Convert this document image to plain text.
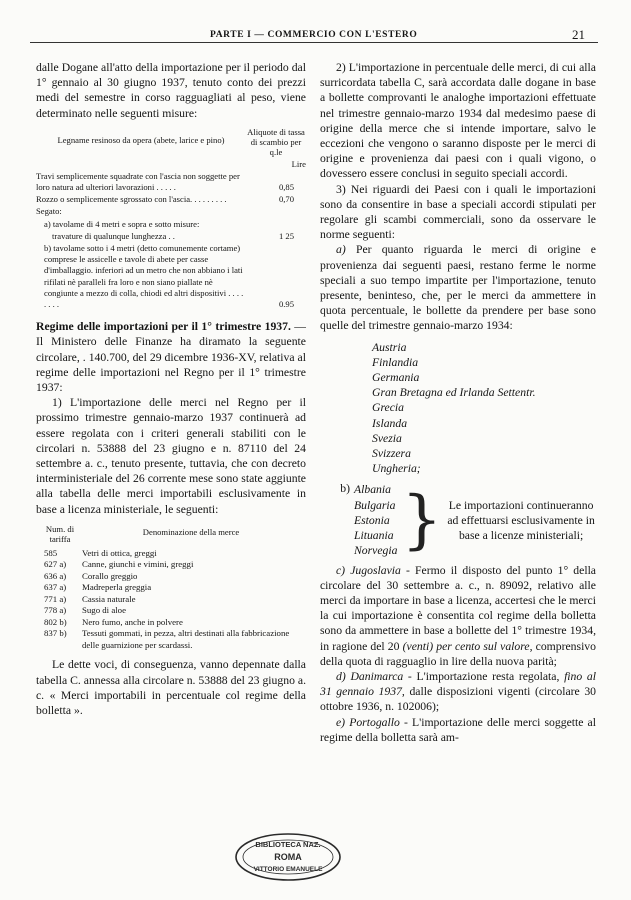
PARTE I — COMMERCIO CON L'ESTERO	21

dalle Dogane all'atto della importazione per il periodo dal 1° gennaio al 30 giugno 1937, tenuto conto dei prezzi medi del semestre in corso ragguagliati al peso, viene determinato nelle seguenti misure:

Legname resinoso da opera (abete, larice e pino)
Aliquote di tassa di scambio per q.le
Lire
Travi semplicemente squadrate con l'ascia non soggette per loro natura ad ulteriori lavorazioni . . . . .	0,85
Rozzo o semplicemente sgrossato con l'ascia. . . . . . . . .	0,70
Segato:
a) tavolame di 4 metri e sopra e sotto misure:
travature di qualunque lunghezza . .	1 25
b) tavolame sotto i 4 metri (detto comunemente cortame) comprese le assicelle e tavole di abete per casse d'imballaggio. inferiori ad un metro che non abbiano i lati rifilati nè paralleli fra loro e non siano piallate nè congiunte a mezzo di colla, chiodi ed altri dispositivi . . . . . . . .	0.95

Regime delle importazioni per il 1° trimestre 1937. — Il Ministero delle Finanze ha diramato la seguente circolare, . 140.700, del 29 dicembre 1936-XV, relativa al regime delle importazioni nel Regno per il 1° trimestre 1937:

1) L'importazione delle merci nel Regno per il prossimo trimestre gennaio-marzo 1937 continuerà ad essere regolata con i criteri generali stabiliti con le circolari n. 53888 del 23 giugno e n. 87110 del 24 settembre a. c., tenuto presente, tuttavia, che con decreto interministeriale del 26 corrente mese sono state aggiunte alla tabella delle merci importabili esclusivamente in base a licenza ministeriale, le seguenti:

Num. di tariffa
Denominazione della merce
585	Vetri di ottica, greggi
627 a)	Canne, giunchi e vimini, greggi
636 a)	Corallo greggio
637 a)	Madreperla greggia
771 a)	Cassia naturale
778 a)	Sugo di aloe
802 b)	Nero fumo, anche in polvere
837 b)	Tessuti gommati, in pezza, altri destinati alla fabbricazione delle guarnizione per scardassi.

Le dette voci, di conseguenza, vanno depennate dalla tabella C. annessa alla circolare n. 53888 del 23 giugno a. c. « Merci importabili in percentuale col regime della bolletta ».

2) L'importazione in percentuale delle merci, di cui alla surricordata tabella C, sarà accordata dalle dogane in base a bollette comprovanti le analoghe importazioni effettuate nel trimestre gennaio-marzo 1934 dal medesimo paese di origine della merce che si intende importare, salvo le eccezioni che vengono o saranno disposte per le merci di origine e provenienza dai paesi con i quali vigono, o dovessero essere conclusi in seguito speciali accordi.

3) Nei riguardi dei Paesi con i quali le importazioni sono da consentire in base a speciali accordi stipulati per regolare gli scambi commerciali, sono da osservare le norme seguenti:

a) Per quanto riguarda le merci di origine e provenienza dai seguenti paesi, restano ferme le norme speciali a suo tempo impartite per l'importazione, tenuto presente, beninteso, che, per le merci da ammettere in quota percentuale, le bollette da prendere per base sono quelle del trimestre gennaio-marzo 1934:

Austria
Finlandia
Germania
Gran Bretagna ed Irlanda Settentr.
Grecia
Islanda
Svezia
Svizzera
Ungheria;
b) Albania
Bulgaria
Estonia
Lituania
Norvegia } Le importazioni continueranno ad effettuarsi esclusivamente in base a licenze ministeriali;

c) Jugoslavia - Fermo il disposto del punto 1° della circolare del 30 settembre a. c., n. 89092, relativo alle merci da importare in base a licenza, accertesi che le merci la cui importazione è consentita col regime della bolletta sono da ammettere in base a bollette del 1° trimestre 1934, in ragione del 20 (venti) per cento sul valore, comprensivo della quota di ragguaglio in lire della nuova parità;

d) Danimarca - L'importazione resta regolata, fino al 31 gennaio 1937, dalle disposizioni vigenti (circolare 30 ottobre 1936, n. 102006);

e) Portogallo - L'importazione delle merci soggette al regime della bolletta sarà am-

BIBLIOTECA NAZ.
ROMA
VITTORIO EMANUELE
